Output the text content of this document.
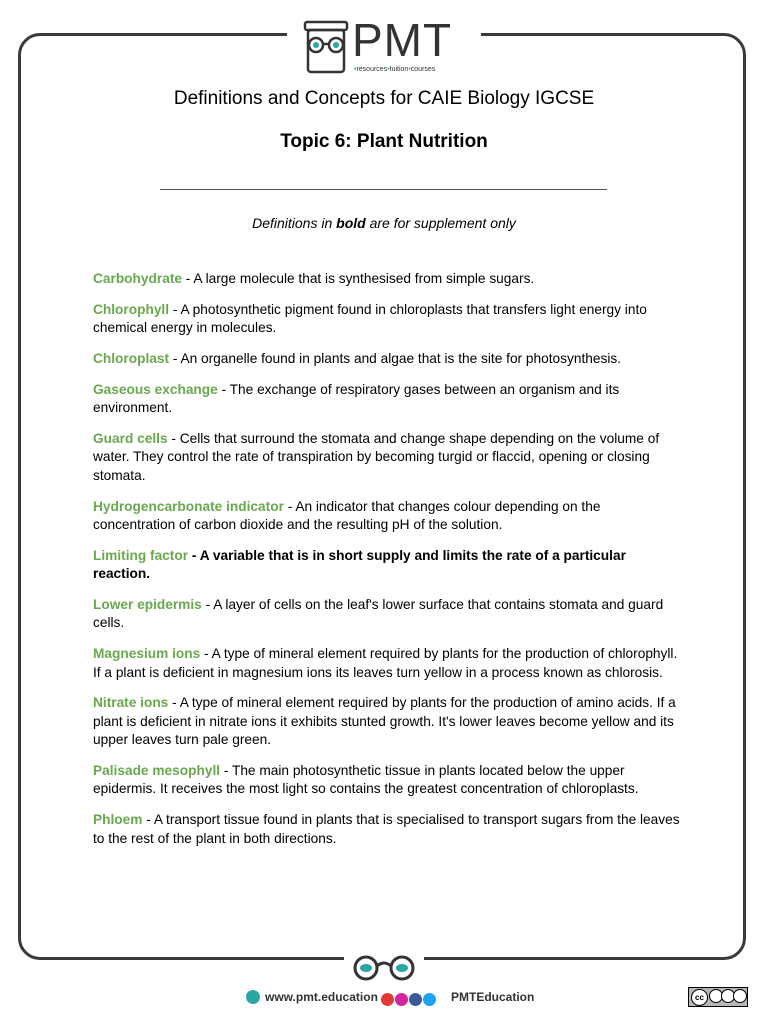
PMT
•resources•tuition•courses
Definitions and Concepts for CAIE Biology IGCSE
Topic 6: Plant Nutrition
Definitions in bold are for supplement only

Carbohydrate - A large molecule that is synthesised from simple sugars.

Chlorophyll - A photosynthetic pigment found in chloroplasts that transfers light energy into chemical energy in molecules.

Chloroplast - An organelle found in plants and algae that is the site for photosynthesis.

Gaseous exchange - The exchange of respiratory gases between an organism and its environment.

Guard cells - Cells that surround the stomata and change shape depending on the volume of water. They control the rate of transpiration by becoming turgid or flaccid, opening or closing stomata.

Hydrogencarbonate indicator - An indicator that changes colour depending on the concentration of carbon dioxide and the resulting pH of the solution.

Limiting factor - A variable that is in short supply and limits the rate of a particular reaction.

Lower epidermis - A layer of cells on the leaf's lower surface that contains stomata and guard cells.

Magnesium ions - A type of mineral element required by plants for the production of chlorophyll. If a plant is deficient in magnesium ions its leaves turn yellow in a process known as chlorosis.

Nitrate ions - A type of mineral element required by plants for the production of amino acids. If a plant is deficient in nitrate ions it exhibits stunted growth. It's lower leaves become yellow and its upper leaves turn pale green.

Palisade mesophyll - The main photosynthetic tissue in plants located below the upper epidermis. It receives the most light so contains the greatest concentration of chloroplasts.

Phloem - A transport tissue found in plants that is specialised to transport sugars from the leaves to the rest of the plant in both directions.

www.pmt.education	PMTEducation	cc
